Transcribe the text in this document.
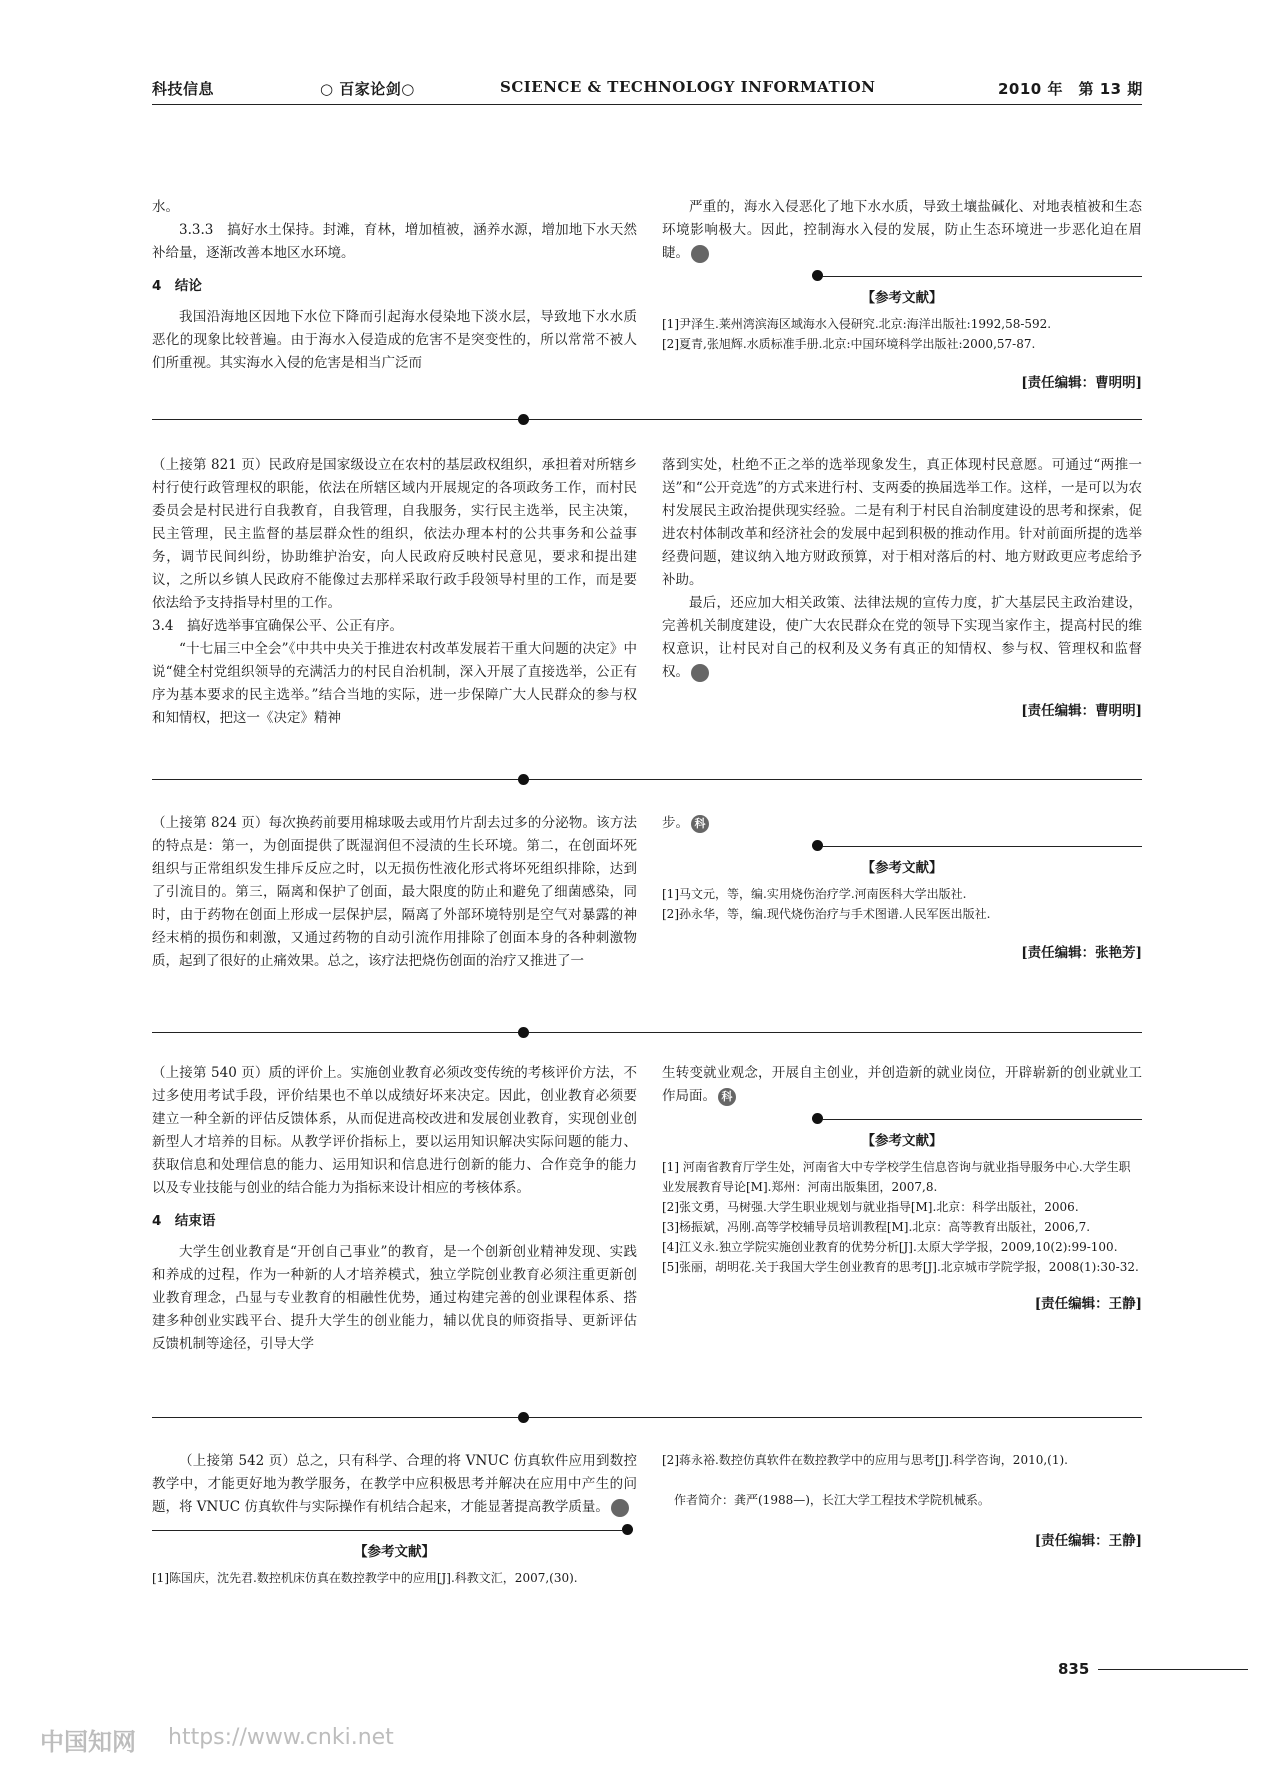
科技信息	○ 百家论剑○	SCIENCE & TECHNOLOGY INFORMATION	2010 年　第 13 期

水。

3.3.3　搞好水土保持。封滩，育林，增加植被，涵养水源，增加地下水天然补给量，逐渐改善本地区水环境。

4　结论

我国沿海地区因地下水位下降而引起海水侵染地下淡水层，导致地下水水质恶化的现象比较普遍。由于海水入侵造成的危害不是突变性的，所以常常不被人们所重视。其实海水入侵的危害是相当广泛而

严重的，海水入侵恶化了地下水水质，导致土壤盐碱化、对地表植被和生态环境影响极大。因此，控制海水入侵的发展，防止生态环境进一步恶化迫在眉睫。	科

【参考文献】

[1]尹泽生.莱州湾滨海区域海水入侵研究.北京:海洋出版社:1992,58-592.

[2]夏青,张旭辉.水质标准手册.北京:中国环境科学出版社:2000,57-87.

[责任编辑：曹明明]

（上接第 821 页）民政府是国家级设立在农村的基层政权组织，承担着对所辖乡村行使行政管理权的职能，依法在所辖区域内开展规定的各项政务工作，而村民委员会是村民进行自我教育，自我管理，自我服务，实行民主选举，民主决策，民主管理，民主监督的基层群众性的组织，依法办理本村的公共事务和公益事务，调节民间纠纷，协助维护治安，向人民政府反映村民意见，要求和提出建议，之所以乡镇人民政府不能像过去那样采取行政手段领导村里的工作，而是要依法给予支持指导村里的工作。

3.4　搞好选举事宜确保公平、公正有序。

“十七届三中全会”《中共中央关于推进农村改革发展若干重大问题的决定》中说“健全村党组织领导的充满活力的村民自治机制，深入开展了直接选举，公正有序为基本要求的民主选举。”结合当地的实际，进一步保障广大人民群众的参与权和知情权，把这一《决定》精神

落到实处，杜绝不正之举的选举现象发生，真正体现村民意愿。可通过“两推一送”和“公开竞选”的方式来进行村、支两委的换届选举工作。这样，一是可以为农村发展民主政治提供现实经验。二是有利于村民自治制度建设的思考和探索，促进农村体制改革和经济社会的发展中起到积极的推动作用。针对前面所提的选举经费问题，建议纳入地方财政预算，对于相对落后的村、地方财政更应考虑给予补助。

最后，还应加大相关政策、法律法规的宣传力度，扩大基层民主政治建设，完善机关制度建设，使广大农民群众在党的领导下实现当家作主，提高村民的维权意识，让村民对自己的权利及义务有真正的知情权、参与权、管理权和监督权。	科

[责任编辑：曹明明]

（上接第 824 页）每次换药前要用棉球吸去或用竹片刮去过多的分泌物。该方法的特点是：第一，为创面提供了既湿润但不浸渍的生长环境。第二，在创面坏死组织与正常组织发生排斥反应之时，以无损伤性液化形式将坏死组织排除，达到了引流目的。第三，隔离和保护了创面，最大限度的防止和避免了细菌感染，同时，由于药物在创面上形成一层保护层，隔离了外部环境特别是空气对暴露的神经末梢的损伤和刺激，又通过药物的自动引流作用排除了创面本身的各种刺激物质，起到了很好的止痛效果。总之，该疗法把烧伤创面的治疗又推进了一

步。 科

【参考文献】

[1]马文元，等，编.实用烧伤治疗学.河南医科大学出版社.

[2]孙永华，等，编.现代烧伤治疗与手术图谱.人民军医出版社.

[责任编辑：张艳芳]

（上接第 540 页）质的评价上。实施创业教育必须改变传统的考核评价方法，不过多使用考试手段，评价结果也不单以成绩好坏来决定。因此，创业教育必须要建立一种全新的评估反馈体系，从而促进高校改进和发展创业教育，实现创业创新型人才培养的目标。从教学评价指标上，要以运用知识解决实际问题的能力、获取信息和处理信息的能力、运用知识和信息进行创新的能力、合作竞争的能力以及专业技能与创业的结合能力为指标来设计相应的考核体系。

4　结束语

大学生创业教育是“开创自己事业”的教育，是一个创新创业精神发现、实践和养成的过程，作为一种新的人才培养模式，独立学院创业教育必须注重更新创业教育理念，凸显与专业教育的相融性优势，通过构建完善的创业课程体系、搭建多种创业实践平台、提升大学生的创业能力，辅以优良的师资指导、更新评估反馈机制等途径，引导大学

生转变就业观念，开展自主创业，并创造新的就业岗位，开辟崭新的创业就业工作局面。 科

【参考文献】

[1] 河南省教育厅学生处，河南省大中专学校学生信息咨询与就业指导服务中心.大学生职业发展教育导论[M].郑州：河南出版集团，2007,8.

[2]张文勇，马树强.大学生职业规划与就业指导[M].北京：科学出版社，2006.

[3]杨振斌，冯刚.高等学校辅导员培训教程[M].北京：高等教育出版社，2006,7.

[4]江义永.独立学院实施创业教育的优势分析[J].太原大学学报，2009,10(2):99-100.

[5]张丽，胡明花.关于我国大学生创业教育的思考[J].北京城市学院学报，2008(1):30-32.

[责任编辑：王静]

（上接第 542 页）总之，只有科学、合理的将 VNUC 仿真软件应用到数控教学中，才能更好地为教学服务，在教学中应积极思考并解决在应用中产生的问题，将 VNUC 仿真软件与实际操作有机结合起来，才能显著提高教学质量。	科

【参考文献】

[1]陈国庆，沈先君.数控机床仿真在数控教学中的应用[J].科教文汇，2007,(30).

[2]蒋永裕.数控仿真软件在数控教学中的应用与思考[J].科学咨询，2010,(1).

作者简介：龚严(1988—)，长江大学工程技术学院机械系。

[责任编辑：王静]

835
中国知网 https://www.cnki.net
